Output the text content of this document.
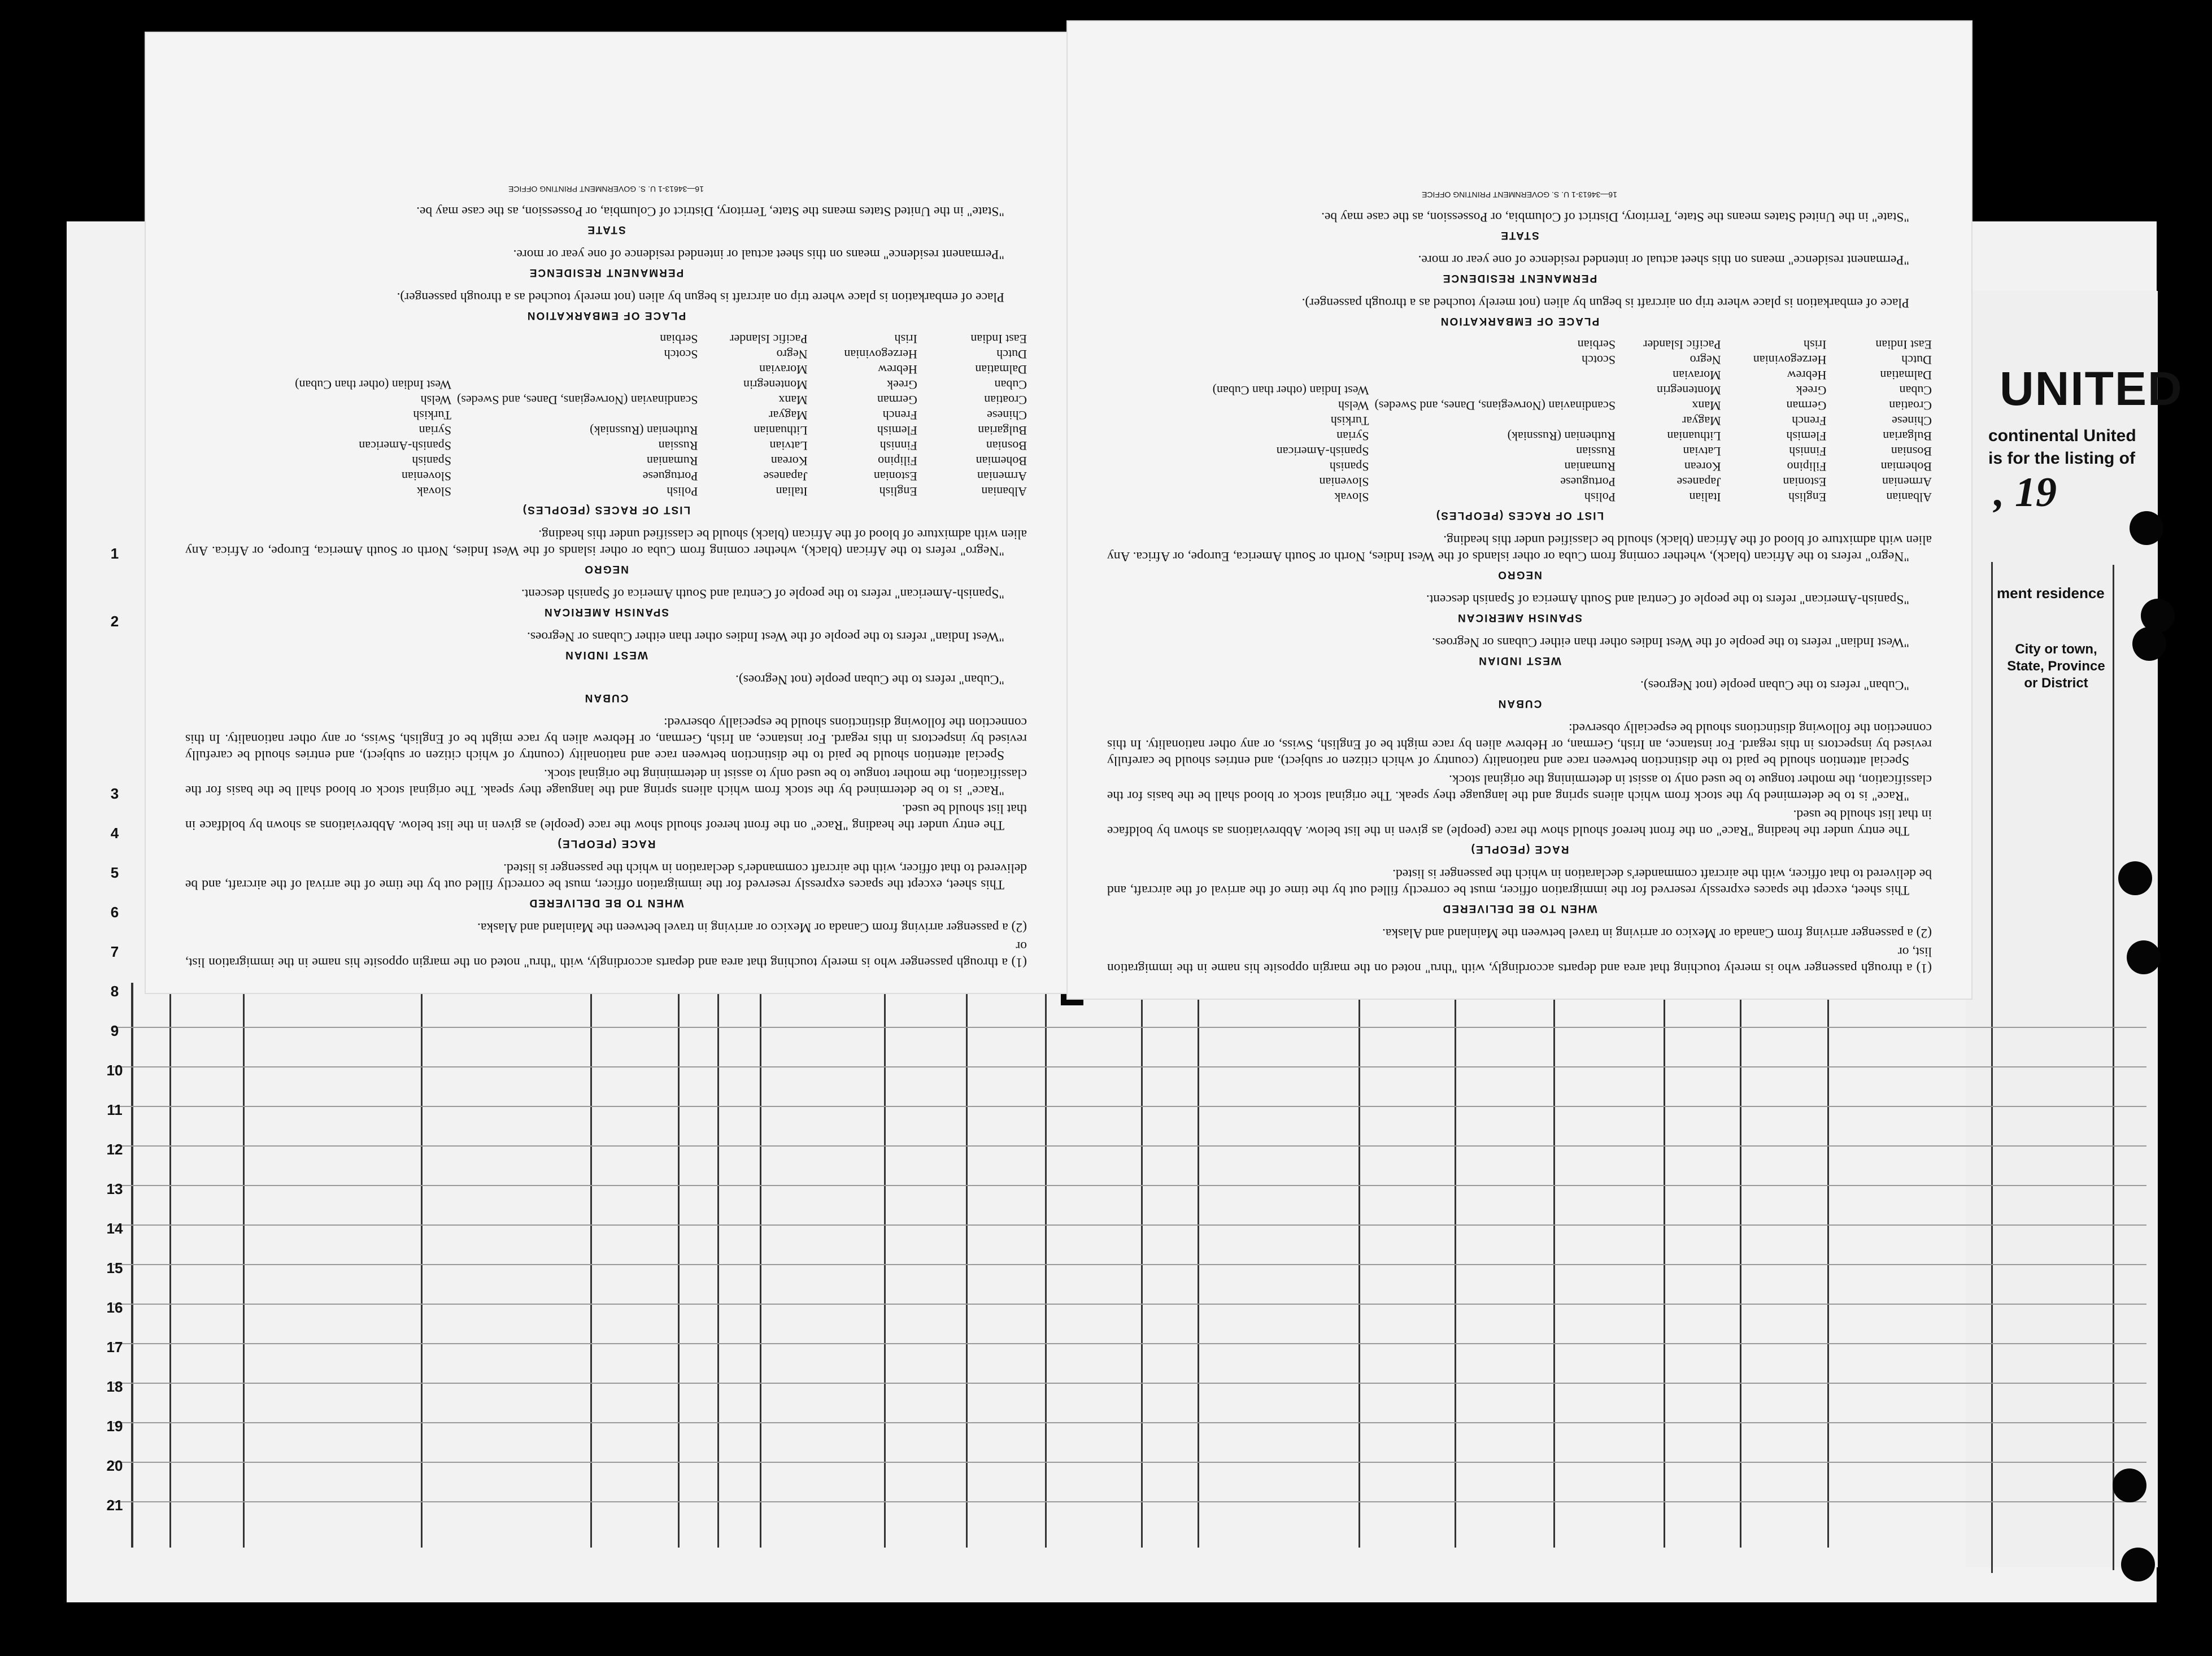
UNITED
continental United
is for the listing of
, 19
ment residence
City or town, State, Province or District
1
2
3
4
5
6
7
8
9
10
11
12
13
14
15
16
17
18
19
20
21

(1) a through passenger who is merely touching that area and departs accordingly, with "thru" noted on the margin opposite his name in the immigration list, or

(2) a passenger arriving from Canada or Mexico or arriving in travel between the Mainland and Alaska.

WHEN TO BE DELIVERED

This sheet, except the spaces expressly reserved for the immigration officer, must be correctly filled out by the time of the arrival of the aircraft, and be delivered to that officer, with the aircraft commander's declaration in which the passenger is listed.

RACE (PEOPLE)

The entry under the heading "Race" on the front hereof should show the race (people) as given in the list below. Abbreviations as shown by boldface in that list should be used.

"Race" is to be determined by the stock from which aliens spring and the language they speak. The original stock or blood shall be the basis for the classification, the mother tongue to be used only to assist in determining the original stock.

Special attention should be paid to the distinction between race and nationality (country of which citizen or subject), and entries should be carefully revised by inspectors in this regard. For instance, an Irish, German, or Hebrew alien by race might be of English, Swiss, or any other nationality. In this connection the following distinctions should be especially observed:

CUBAN

"Cuban" refers to the Cuban people (not Negroes).

WEST INDIAN

"West Indian" refers to the people of the West Indies other than either Cubans or Negroes.

SPANISH AMERICAN

"Spanish-American" refers to the people of Central and South America of Spanish descent.

NEGRO

"Negro" refers to the African (black), whether coming from Cuba or other islands of the West Indies, North or South America, Europe, or Africa. Any alien with admixture of blood of the African (black) should be classified under this heading.

LIST OF RACES (PEOPLES)
Albanian
English
Italian
Polish
Slovak
Armenian
Estonian
Japanese
Portuguese
Slovenian
Bohemian
Filipino
Korean
Rumanian
Spanish
Bosnian
Finnish
Latvian
Russian
Spanish-American
Bulgarian
Flemish
Lithuanian
Ruthenian (Russniak)
Syrian
Chinese
French
Magyar
Turkish
Croatian
German
Manx
Scandinavian (Norwegians, Danes, and Swedes)
Welsh
Cuban
Greek
Montenegrin
West Indian (other than Cuban)
Dalmatian
Hebrew
Moravian
Dutch
Herzegovinian
Negro
Scotch
East Indian
Irish
Pacific Islander
Serbian
PLACE OF EMBARKATION

Place of embarkation is place where trip on aircraft is begun by alien (not merely touched as a through passenger).

PERMANENT RESIDENCE

"Permanent residence" means on this sheet actual or intended residence of one year or more.

STATE

"State" in the United States means the State, Territory, District of Columbia, or Possession, as the case may be.

16—34613-1 U. S. GOVERNMENT PRINTING OFFICE

(1) a through passenger who is merely touching that area and departs accordingly, with "thru" noted on the margin opposite his name in the immigration list, or

(2) a passenger arriving from Canada or Mexico or arriving in travel between the Mainland and Alaska.

WHEN TO BE DELIVERED

This sheet, except the spaces expressly reserved for the immigration officer, must be correctly filled out by the time of the arrival of the aircraft, and be delivered to that officer, with the aircraft commander's declaration in which the passenger is listed.

RACE (PEOPLE)

The entry under the heading "Race" on the front hereof should show the race (people) as given in the list below. Abbreviations as shown by boldface in that list should be used.

"Race" is to be determined by the stock from which aliens spring and the language they speak. The original stock or blood shall be the basis for the classification, the mother tongue to be used only to assist in determining the original stock.

Special attention should be paid to the distinction between race and nationality (country of which citizen or subject), and entries should be carefully revised by inspectors in this regard. For instance, an Irish, German, or Hebrew alien by race might be of English, Swiss, or any other nationality. In this connection the following distinctions should be especially observed:

CUBAN

"Cuban" refers to the Cuban people (not Negroes).

WEST INDIAN

"West Indian" refers to the people of the West Indies other than either Cubans or Negroes.

SPANISH AMERICAN

"Spanish-American" refers to the people of Central and South America of Spanish descent.

NEGRO

"Negro" refers to the African (black), whether coming from Cuba or other islands of the West Indies, North or South America, Europe, or Africa. Any alien with admixture of blood of the African (black) should be classified under this heading.

LIST OF RACES (PEOPLES)
Albanian
English
Italian
Polish
Slovak
Armenian
Estonian
Japanese
Portuguese
Slovenian
Bohemian
Filipino
Korean
Rumanian
Spanish
Bosnian
Finnish
Latvian
Russian
Spanish-American
Bulgarian
Flemish
Lithuanian
Ruthenian (Russniak)
Syrian
Chinese
French
Magyar
Turkish
Croatian
German
Manx
Scandinavian (Norwegians, Danes, and Swedes)
Welsh
Cuban
Greek
Montenegrin
West Indian (other than Cuban)
Dalmatian
Hebrew
Moravian
Dutch
Herzegovinian
Negro
Scotch
East Indian
Irish
Pacific Islander
Serbian
PLACE OF EMBARKATION

Place of embarkation is place where trip on aircraft is begun by alien (not merely touched as a through passenger).

PERMANENT RESIDENCE

"Permanent residence" means on this sheet actual or intended residence of one year or more.

STATE

"State" in the United States means the State, Territory, District of Columbia, or Possession, as the case may be.

16—34613-1 U. S. GOVERNMENT PRINTING OFFICE
